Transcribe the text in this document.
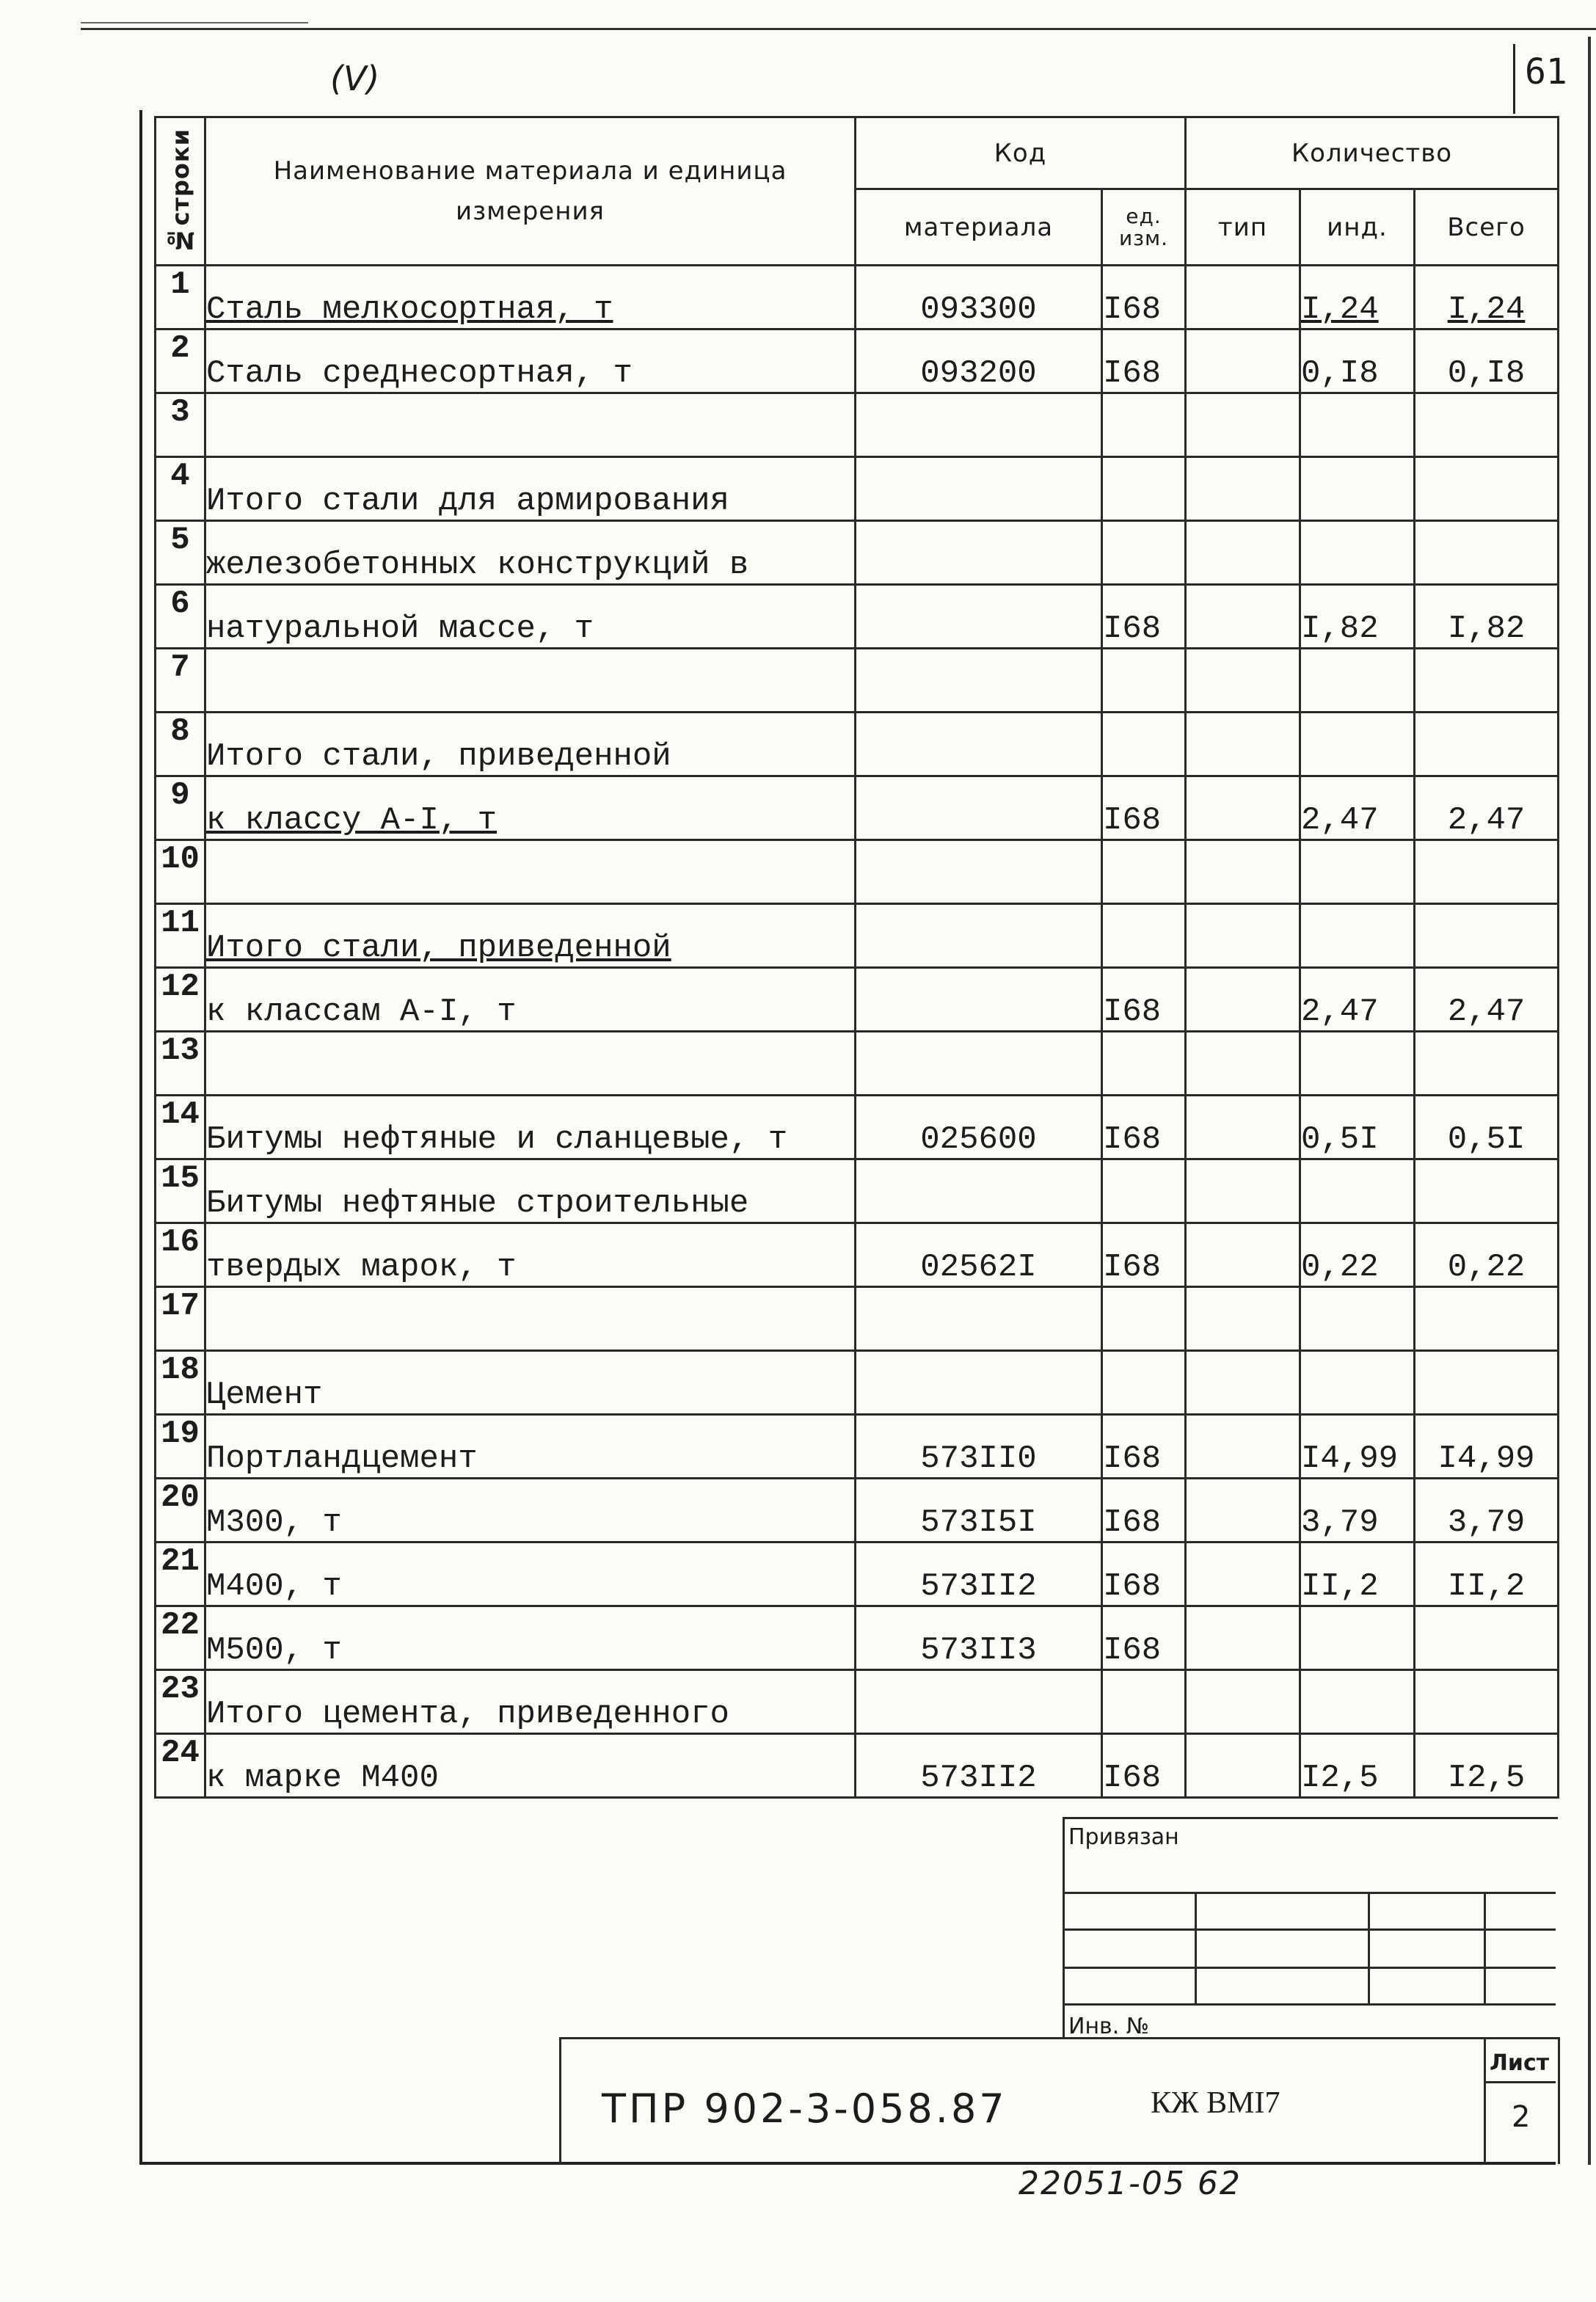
(V)	61
№строки	Наименование материала и единица измерения	Код		Количество		
		материала	ед. изм.	тип	инд.	Всего
1	Сталь мелкосортная, т	093300	I68		I,24	I,24
2	Сталь среднесортная, т	093200	I68		0,I8	0,I8
3						
4	Итого стали для армирования					
5	железобетонных конструкций в					
6	натуральной массе, т		I68		I,82	I,82
7						
8	Итого стали, приведенной					
9	к классу А-I, т		I68		2,47	2,47
10						
11	Итого стали, приведенной					
12	к классам А-I, т		I68		2,47	2,47
13						
14	Битумы нефтяные и сланцевые, т	025600	I68		0,5I	0,5I
15	Битумы нефтяные строительные					
16	твердых марок, т	02562I	I68		0,22	0,22
17						
18	Цемент					
19	Портландцемент	573II0	I68		I4,99	I4,99
20	М300, т	573I5I	I68		3,79	3,79
21	М400, т	573II2	I68		II,2	II,2
22	М500, т	573II3	I68			
23	Итого цемента, приведенного					
24	к марке М400	573II2	I68		I2,5	I2,5
Привязан
Инв. №
ТПР 902-3-058.87	КЖ ВМI7
Лист
2
22051-05 62
